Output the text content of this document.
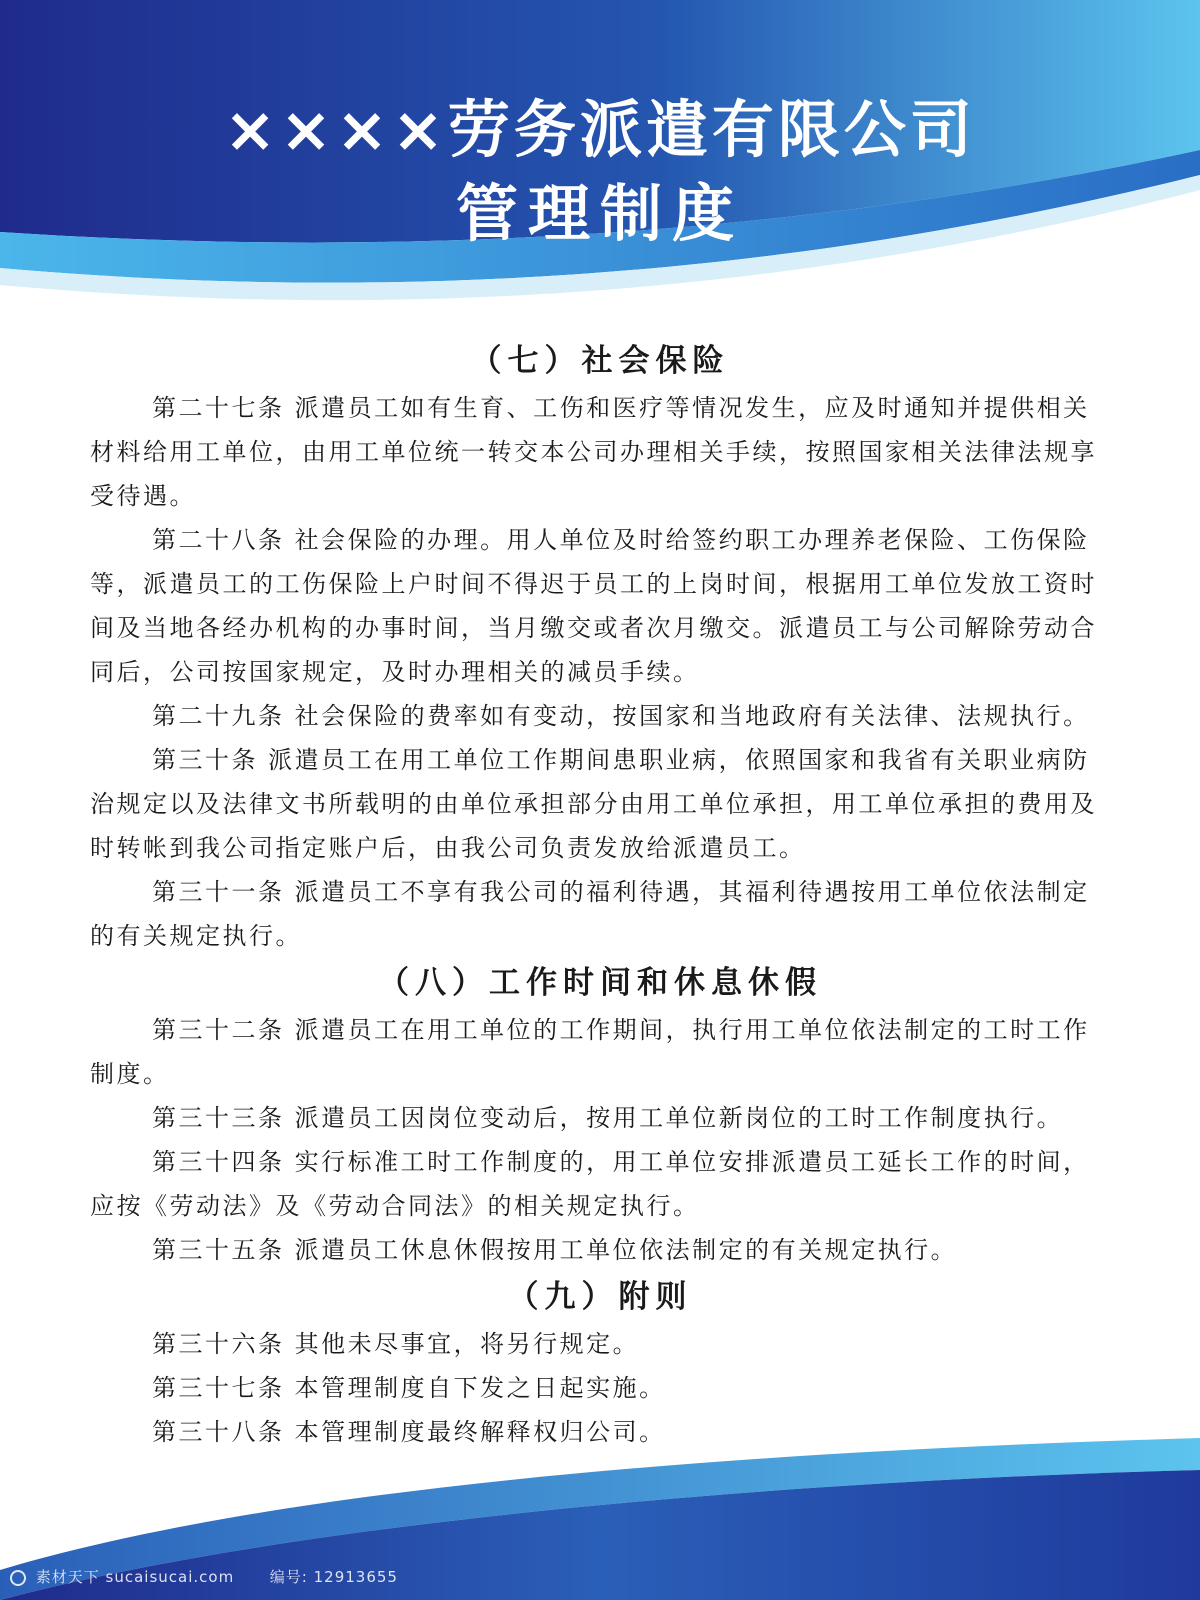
××××劳务派遣有限公司
管理制度
（七）社会保险

第二十七条 派遣员工如有生育、工伤和医疗等情况发生，应及时通知并提供相关材料给用工单位，由用工单位统一转交本公司办理相关手续，按照国家相关法律法规享受待遇。

第二十八条 社会保险的办理。用人单位及时给签约职工办理养老保险、工伤保险等，派遣员工的工伤保险上户时间不得迟于员工的上岗时间，根据用工单位发放工资时间及当地各经办机构的办事时间，当月缴交或者次月缴交。派遣员工与公司解除劳动合同后，公司按国家规定，及时办理相关的减员手续。

第二十九条 社会保险的费率如有变动，按国家和当地政府有关法律、法规执行。

第三十条 派遣员工在用工单位工作期间患职业病，依照国家和我省有关职业病防治规定以及法律文书所载明的由单位承担部分由用工单位承担，用工单位承担的费用及时转帐到我公司指定账户后，由我公司负责发放给派遣员工。

第三十一条 派遣员工不享有我公司的福利待遇，其福利待遇按用工单位依法制定的有关规定执行。

（八）工作时间和休息休假

第三十二条 派遣员工在用工单位的工作期间，执行用工单位依法制定的工时工作制度。

第三十三条 派遣员工因岗位变动后，按用工单位新岗位的工时工作制度执行。

第三十四条 实行标准工时工作制度的，用工单位安排派遣员工延长工作的时间，应按《劳动法》及《劳动合同法》的相关规定执行。

第三十五条 派遣员工休息休假按用工单位依法制定的有关规定执行。

（九）附则

第三十六条 其他未尽事宜，将另行规定。

第三十七条 本管理制度自下发之日起实施。

第三十八条 本管理制度最终解释权归公司。

素材天下 sucaisucai.com 编号: 12913655
